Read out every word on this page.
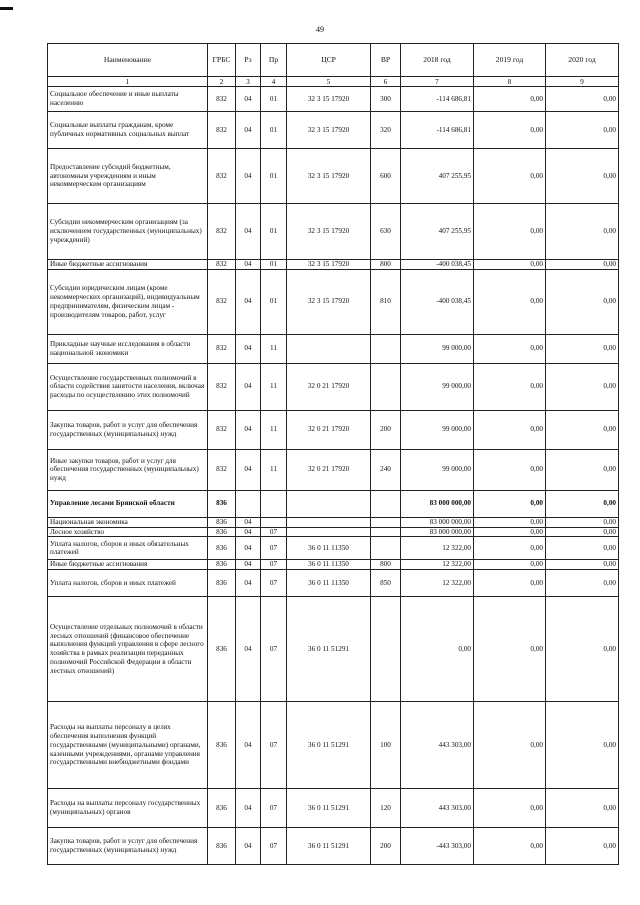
49
Наименование	ГРБС	Рз	Пр	ЦСР	ВР	2018 год	2019 год	2020 год
1	2	3	4	5	6	7	8	9
Социальное обеспечение и иные выплаты населению	832	04	01	32 3 15 17920	300	-114 686,81	0,00	0,00
Социальные выплаты гражданам, кроме публичных нормативных социальных выплат	832	04	01	32 3 15 17920	320	-114 686,81	0,00	0,00
Предоставление субсидий бюджетным, автономным учреждениям и иным некоммерческим организациям	832	04	01	32 3 15 17920	600	407 255,95	0,00	0,00
Субсидии некоммерческим организациям (за исключением государственных (муниципальных) учреждений)	832	04	01	32 3 15 17920	630	407 255,95	0,00	0,00
Иные бюджетные ассигнования	832	04	01	32 3 15 17920	800	-400 038,45	0,00	0,00
Субсидии юридическим лицам (кроме некоммерческих организаций), индивидуальным предпринимателям, физическим лицам - производителям товаров, работ, услуг	832	04	01	32 3 15 17920	810	-400 038,45	0,00	0,00
Прикладные научные исследования в области национальной экономики	832	04	11			99 000,00	0,00	0,00
Осуществление государственных полномочий в области содействия занятости населения, включая расходы по осуществлению этих полномочий	832	04	11	32 0 21 17920		99 000,00	0,00	0,00
Закупка товаров, работ и услуг для обеспечения государственных (муниципальных) нужд	832	04	11	32 0 21 17920	200	99 000,00	0,00	0,00
Иные закупки товаров, работ и услуг для обеспечения государственных (муниципальных) нужд	832	04	11	32 0 21 17920	240	99 000,00	0,00	0,00
Управление лесами Брянской области	836					83 000 000,00	0,00	0,00
Национальная экономика	836	04				83 000 000,00	0,00	0,00
Лесное хозяйство	836	04	07			83 000 000,00	0,00	0,00
Уплата налогов, сборов и иных обязательных платежей	836	04	07	36 0 11 11350		12 322,00	0,00	0,00
Иные бюджетные ассигнования	836	04	07	36 0 11 11350	800	12 322,00	0,00	0,00
Уплата налогов, сборов и иных платежей	836	04	07	36 0 11 11350	850	12 322,00	0,00	0,00
Осуществление отдельных полномочий в области лесных отношений (финансовое обеспечение выполнения функций управления в сфере лесного хозяйства в рамках реализации переданных полномочий Российской Федерации в области лестных отношений)	836	04	07	36 0 11 51291		0,00	0,00	0,00
Расходы на выплаты персоналу в целях обеспечения выполнения функций государственными (муниципальными) органами, казенными учреждениями, органами управления государственными внебюджетными фондами	836	04	07	36 0 11 51291	100	443 303,00	0,00	0,00
Расходы на выплаты персоналу государственных (муниципальных) органов	836	04	07	36 0 11 51291	120	443 303,00	0,00	0,00
Закупка товаров, работ и услуг для обеспечения государственных (муниципальных) нужд	836	04	07	36 0 11 51291	200	-443 303,00	0,00	0,00
